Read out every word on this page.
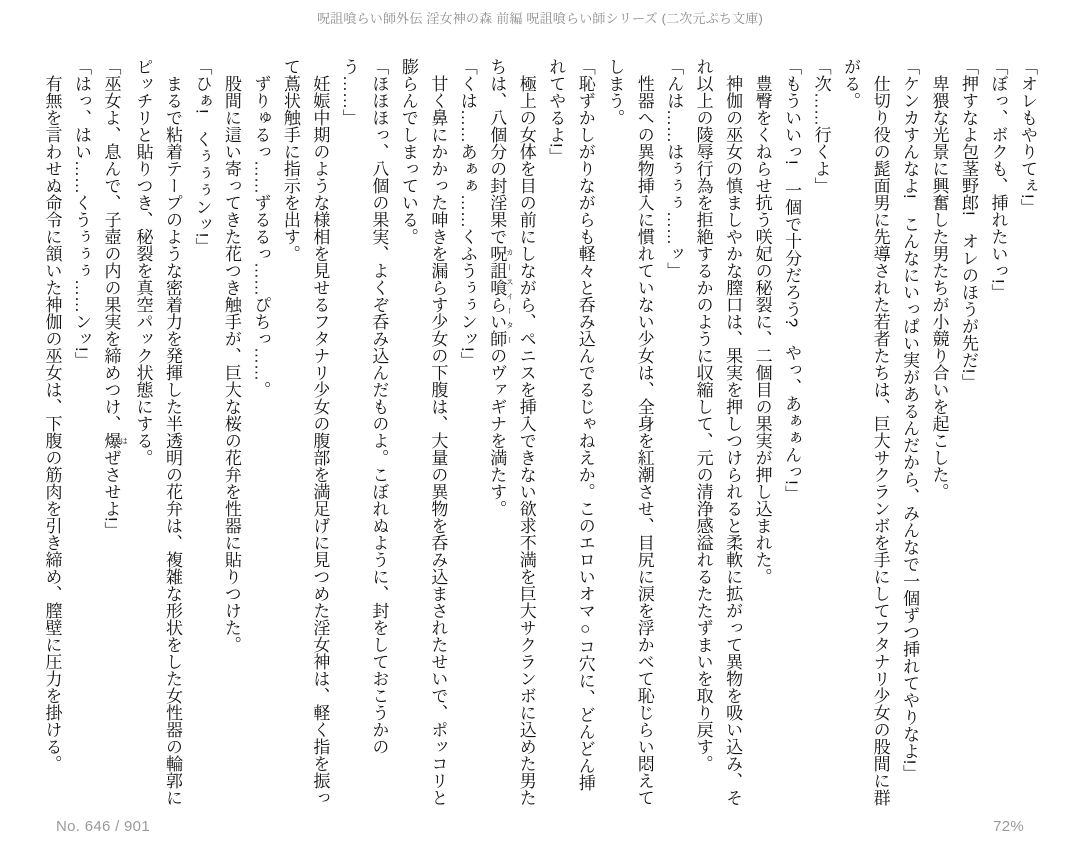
呪詛喰らい師外伝 淫女神の森 前編 呪詛喰らい師シリーズ (二次元ぷち文庫)

「オレもやりてぇ!」

「ぼっ、ボクも、挿れたいっ!」

「押すなよ包茎野郎!　オレのほうが先だ!」

卑猥な光景に興奮した男たちが小競り合いを起こした。

「ケンカすんなよ!　こんなにいっぱい実があるんだから、みんなで一個ずつ挿れてやりなよ!」

仕切り役の髭面男に先導された若者たちは、巨大サクランボを手にしてフタナリ少女の股間に群がる。

「次……行くよ」

「もういいっ!　一個で十分だろう?　やっ、あぁぁんっ!」

豊臀をくねらせ抗う咲妃の秘裂に、二個目の果実が押し込まれた。

神伽の巫女の慎ましやかな膣口は、果実を押しつけられると柔軟に拡がって異物を吸い込み、それ以上の陵辱行為を拒絶するかのように収縮して、元の清浄感溢れるたたずまいを取り戻す。

「んは……はぅぅぅ……ッ」

性器への異物挿入に慣れていない少女は、全身を紅潮させ、目尻に涙を浮かべて恥じらい悶えてしまう。

「恥ずかしがりながらも軽々と呑み込んでるじゃねえか。このエロいオマ○コ穴に、どんどん挿れてやるよ!」

極上の女体を目の前にしながら、ペニスを挿入できない欲求不満を巨大サクランボに込めた男たちは、八個分の封淫果で呪詛喰らい師 カースイーターのヴァギナを満たす。

「くは……あぁぁ……くふうぅぅンッ!」

甘く鼻にかかった呻きを漏らす少女の下腹は、大量の異物を呑み込まされたせいで、ポッコリと膨らんでしまっている。

「ほほほっ、八個の果実、よくぞ呑み込んだものよ。こぼれぬように、封をしておこうかのう……」

妊娠中期のような様相を見せるフタナリ少女の腹部を満足げに見つめた淫女神は、軽く指を振って蔦状触手に指示を出す。

ずりゅるっ……ずるるっ……ぴちっ……。

股間に這い寄ってきた花つき触手が、巨大な桜の花弁を性器に貼りつけた。

「ひぁ!　くぅぅぅンッ!」

まるで粘着テープのような密着力を発揮した半透明の花弁は、複雑な形状をした女性器の輪郭にピッチリと貼りつき、秘裂を真空パック状態にする。

「巫女よ、息んで、子壺の内の果実を締めつけ、爆 はぜさせよ!」

「はっ、はい……くうぅぅぅ……ンッ!」

有無を言わせぬ命令に頷いた神伽の巫女は、下腹の筋肉を引き締め、膣壁に圧力を掛ける。

No. 646 / 901	72%
